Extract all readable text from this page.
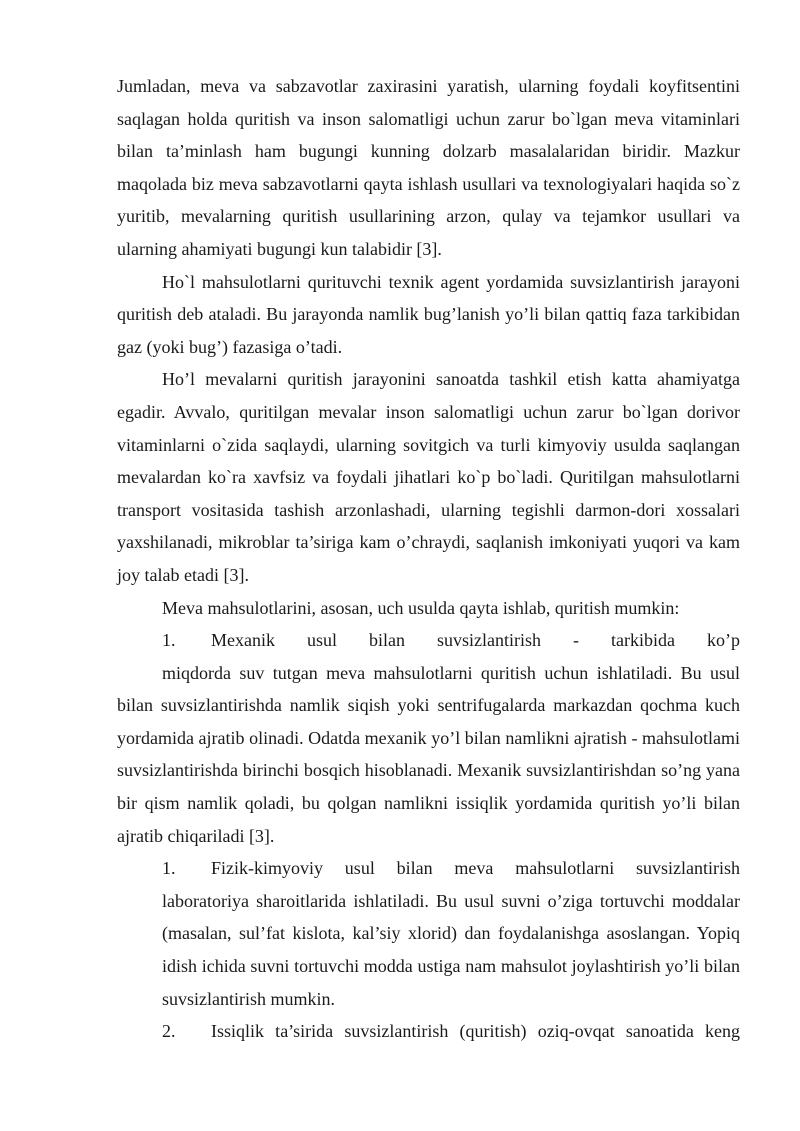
Jumladan, meva va sabzavotlar zaxirasini yaratish, ularning foydali koyfitsentini saqlagan holda quritish va inson salomatligi uchun zarur bo`lgan meva vitaminlari bilan ta’minlash ham bugungi kunning dolzarb masalalaridan biridir. Mazkur maqolada biz meva sabzavotlarni qayta ishlash usullari va texnologiyalari haqida so`z yuritib, mevalarning quritish usullarining arzon, qulay va tejamkor usullari va ularning ahamiyati bugungi kun talabidir [3].

Ho`l mahsulotlarni qurituvchi texnik agent yordamida suvsizlantirish jarayoni quritish deb ataladi. Bu jarayonda namlik bug’lanish yo’li bilan qattiq faza tarkibidan gaz (yoki bug’) fazasiga o’tadi.

Ho’l mevalarni quritish jarayonini sanoatda tashkil etish katta ahamiyatga egadir. Avvalo, quritilgan mevalar inson salomatligi uchun zarur bo`lgan dorivor vitaminlarni o`zida saqlaydi, ularning sovitgich va turli kimyoviy usulda saqlangan mevalardan ko`ra xavfsiz va foydali jihatlari ko`p bo`ladi. Quritilgan mahsulotlarni transport vositasida tashish arzonlashadi, ularning tegishli darmon-dori xossalari yaxshilanadi, mikroblar ta’siriga kam o’chraydi, saqlanish imkoniyati yuqori va kam joy talab etadi [3].

Meva mahsulotlarini, asosan, uch usulda qayta ishlab, quritish mumkin:

1. Mexanik usul bilan suvsizlantirish - tarkibida ko’p

miqdorda suv tutgan meva mahsulotlarni quritish uchun ishlatiladi. Bu usul bilan suvsizlantirishda namlik siqish yoki sentrifugalarda markazdan qochma kuch yordamida ajratib olinadi. Odatda mexanik yo’l bilan namlikni ajratish - mahsulotlami suvsizlantirishda birinchi bosqich hisoblanadi. Mexanik suvsizlantirishdan so’ng yana bir qism namlik qoladi, bu qolgan namlikni issiqlik yordamida quritish yo’li bilan ajratib chiqariladi [3].

1. Fizik-kimyoviy usul bilan meva mahsulotlarni suvsizlantirish laboratoriya sharoitlarida ishlatiladi. Bu usul suvni o’ziga tortuvchi moddalar (masalan, sul’fat kislota, kal’siy xlorid) dan foydalanishga asoslangan. Yopiq idish ichida suvni tortuvchi modda ustiga nam mahsulot joylashtirish yo’li bilan suvsizlantirish mumkin.

2. Issiqlik ta’sirida suvsizlantirish (quritish) oziq-ovqat sanoatida keng
